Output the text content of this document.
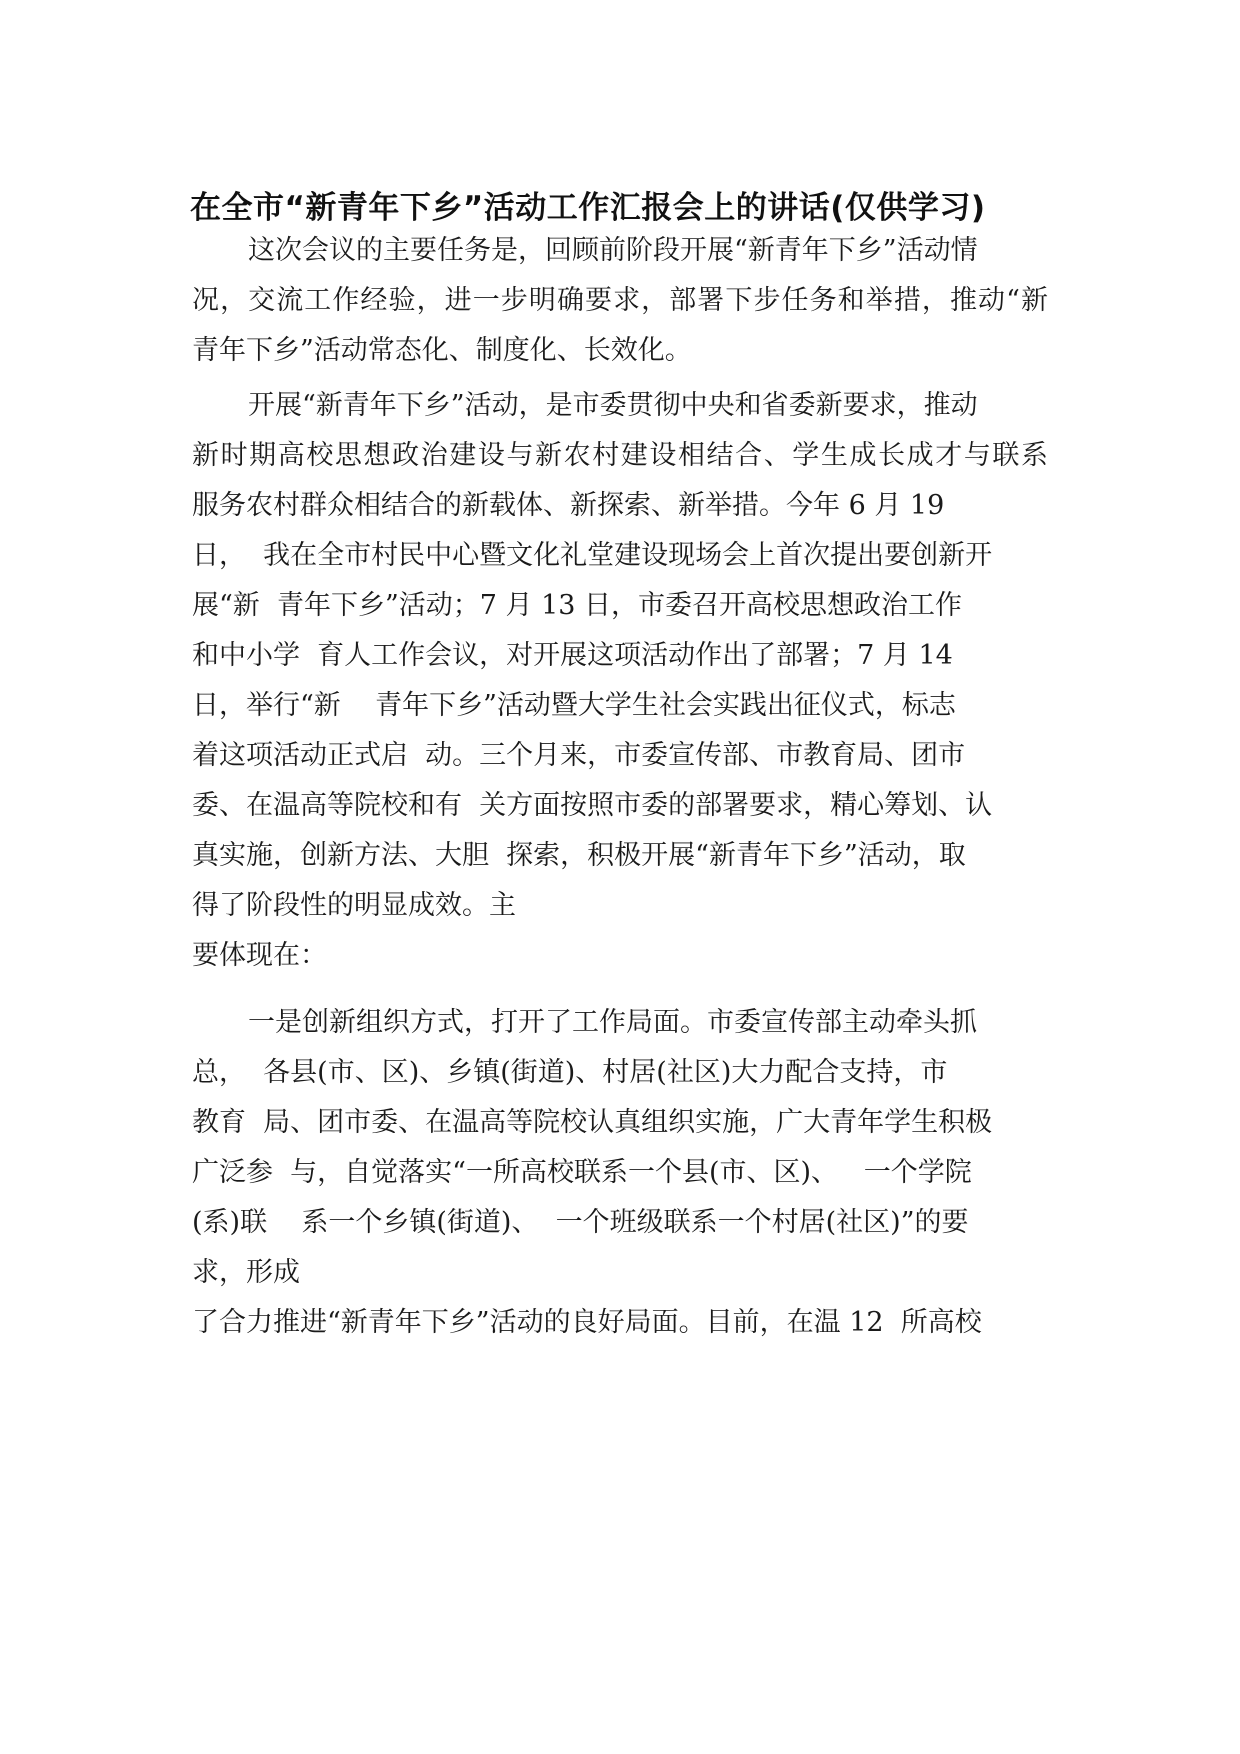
在全市“新青年下乡”活动工作汇报会上的讲话(仅供学习)

这次会议的主要任务是，回顾前阶段开展“新青年下乡”活动情

况，交流工作经验，进一步明确要求，部署下步任务和举措，推动“新

青年下乡”活动常态化、制度化、长效化。

开展“新青年下乡”活动，是市委贯彻中央和省委新要求，推动

新时期高校思想政治建设与新农村建设相结合、学生成长成才与联系

服务农村群众相结合的新载体、新探索、新举措。今年 6 月 19

日，  我在全市村民中心暨文化礼堂建设现场会上首次提出要创新开

展“新  青年下乡”活动；7 月 13 日，市委召开高校思想政治工作

和中小学  育人工作会议，对开展这项活动作出了部署；7 月 14

日，举行“新    青年下乡”活动暨大学生社会实践出征仪式，标志

着这项活动正式启  动。三个月来，市委宣传部、市教育局、团市

委、在温高等院校和有  关方面按照市委的部署要求，精心筹划、认

真实施，创新方法、大胆  探索，积极开展“新青年下乡”活动，取

得了阶段性的明显成效。主

要体现在：

一是创新组织方式，打开了工作局面。市委宣传部主动牵头抓

总，  各县(市、区)、乡镇(街道)、村居(社区)大力配合支持，市

教育  局、团市委、在温高等院校认真组织实施，广大青年学生积极

广泛参  与，自觉落实“一所高校联系一个县(市、区)、   一个学院

(系)联    系一个乡镇(街道)、  一个班级联系一个村居(社区)”的要

求，形成

了合力推进“新青年下乡”活动的良好局面。目前，在温 12  所高校
